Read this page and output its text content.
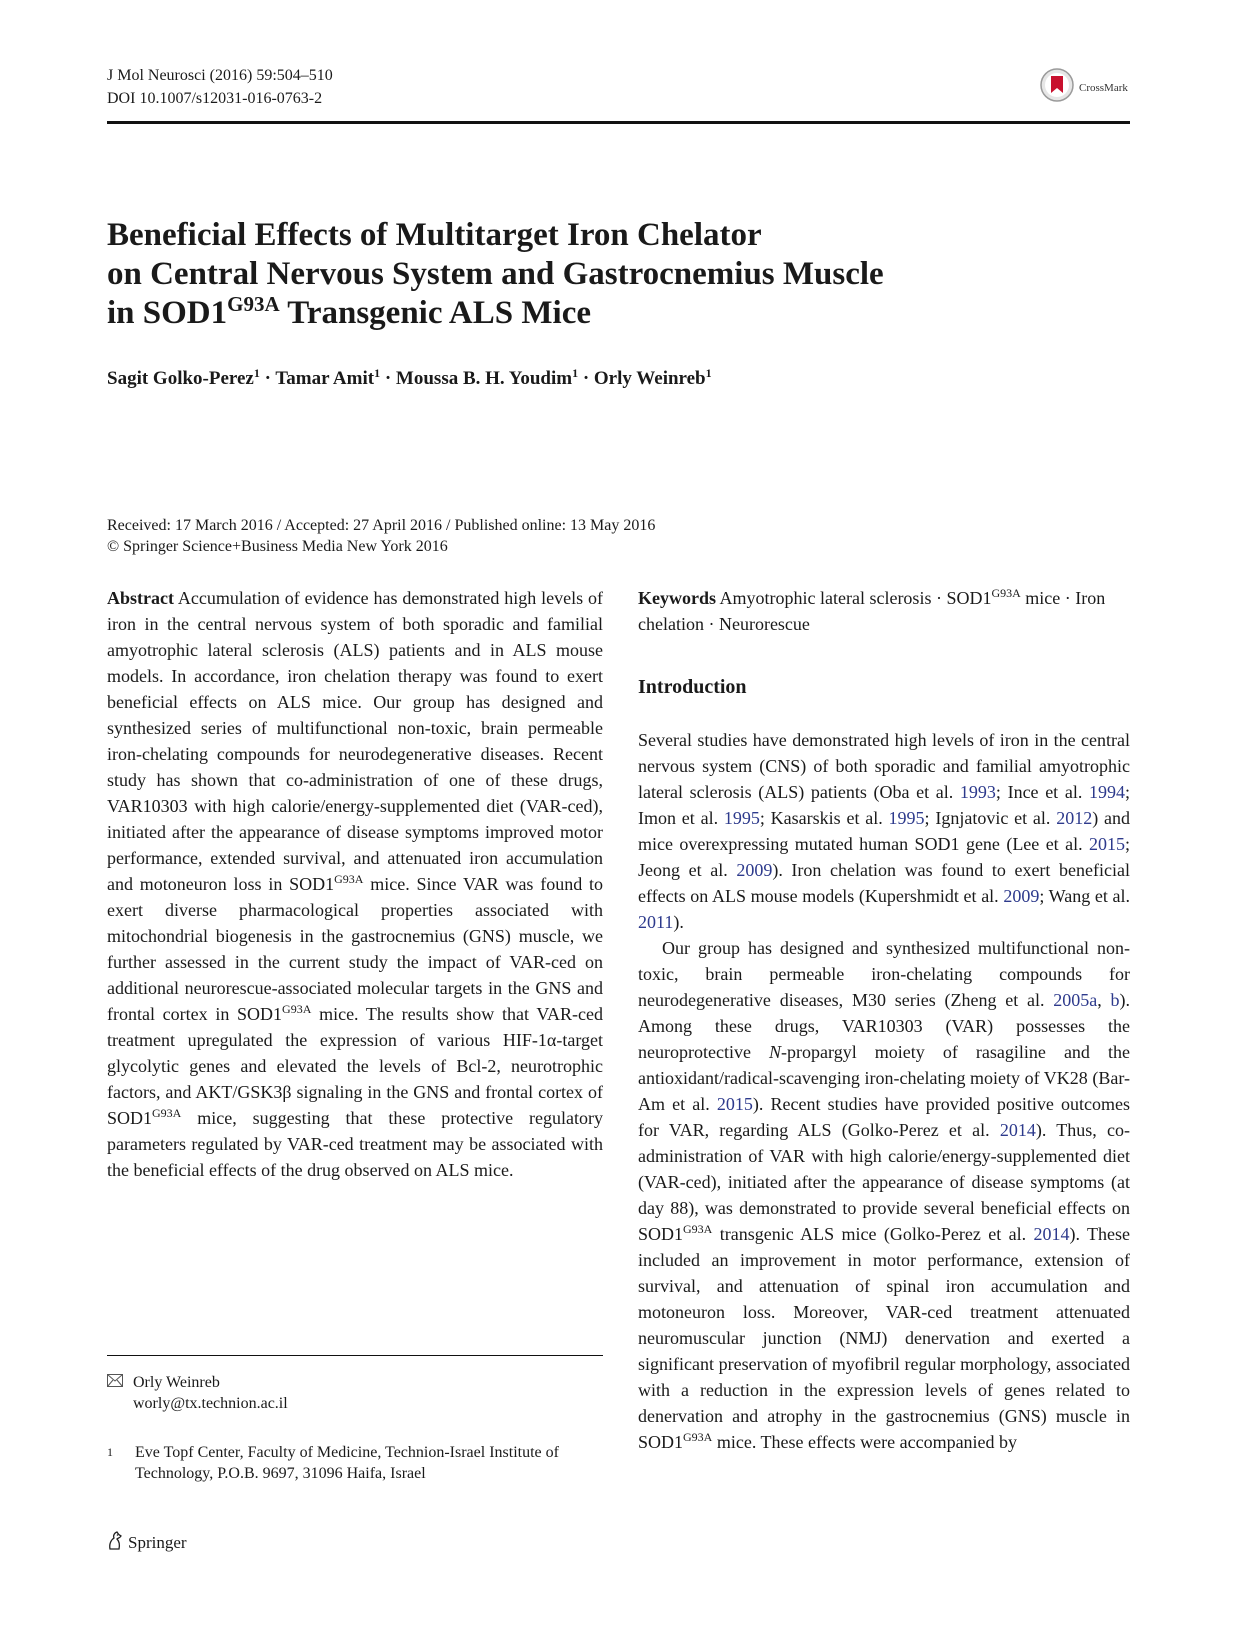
J Mol Neurosci (2016) 59:504–510
DOI 10.1007/s12031-016-0763-2
CrossMark
Beneficial Effects of Multitarget Iron Chelator
on Central Nervous System and Gastrocnemius Muscle
in $SOD1^{G93A}$ Transgenic ALS Mice
Sagit Golko-Perez$^1$ · Tamar Amit$^1$ · Moussa B. H. Youdim$^1$ · Orly Weinreb$^1$
Received: 17 March 2016 / Accepted: 27 April 2016 / Published online: 13 May 2016
© Springer Science+Business Media New York 2016

Abstract Accumulation of evidence has demonstrated high levels of iron in the central nervous system of both sporadic and familial amyotrophic lateral sclerosis (ALS) patients and in ALS mouse models. In accordance, iron chelation therapy was found to exert beneficial effects on ALS mice. Our group has designed and synthesized series of multifunctional non-toxic, brain permeable iron-chelating compounds for neurodegenerative diseases. Recent study has shown that co-administration of one of these drugs, VAR10303 with high calorie/energy-supplemented diet (VAR-ced), initiated after the appearance of disease symptoms improved motor performance, extended survival, and attenuated iron accumulation and motoneuron loss in $SOD1^{G93A}$ mice. Since VAR was found to exert diverse pharmacological properties associated with mitochondrial biogenesis in the gastrocnemius (GNS) muscle, we further assessed in the current study the impact of VAR-ced on additional neurorescue-associated molecular targets in the GNS and frontal cortex in $SOD1^{G93A}$ mice. The results show that VAR-ced treatment upregulated the expression of various HIF-1α-target glycolytic genes and elevated the levels of Bcl-2, neurotrophic factors, and AKT/GSK3β signaling in the GNS and frontal cortex of $SOD1^{G93A}$ mice, suggesting that these protective regulatory parameters regulated by VAR-ced treatment may be associated with the beneficial effects of the drug observed on ALS mice.

Keywords Amyotrophic lateral sclerosis · $SOD1^{G93A}$ mice · Iron chelation · Neurorescue

Introduction

Several studies have demonstrated high levels of iron in the central nervous system (CNS) of both sporadic and familial amyotrophic lateral sclerosis (ALS) patients (Oba et al. 1993; Ince et al. 1994; Imon et al. 1995; Kasarskis et al. 1995; Ignjatovic et al. 2012) and mice overexpressing mutated human SOD1 gene (Lee et al. 2015; Jeong et al. 2009). Iron chelation was found to exert beneficial effects on ALS mouse models (Kupershmidt et al. 2009; Wang et al. 2011).

Our group has designed and synthesized multifunctional non-toxic, brain permeable iron-chelating compounds for neurodegenerative diseases, M30 series (Zheng et al. 2005a, b). Among these drugs, VAR10303 (VAR) possesses the neuroprotective N-propargyl moiety of rasagiline and the antioxidant/radical-scavenging iron-chelating moiety of VK28 (Bar-Am et al. 2015). Recent studies have provided positive outcomes for VAR, regarding ALS (Golko-Perez et al. 2014). Thus, co-administration of VAR with high calorie/energy-supplemented diet (VAR-ced), initiated after the appearance of disease symptoms (at day 88), was demonstrated to provide several beneficial effects on $SOD1^{G93A}$ transgenic ALS mice (Golko-Perez et al. 2014). These included an improvement in motor performance, extension of survival, and attenuation of spinal iron accumulation and motoneuron loss. Moreover, VAR-ced treatment attenuated neuromuscular junction (NMJ) denervation and exerted a significant preservation of myofibril regular morphology, associated with a reduction in the expression levels of genes related to denervation and atrophy in the gastrocnemius (GNS) muscle in $SOD1^{G93A}$ mice. These effects were accompanied by

Orly Weinreb
worly@tx.technion.ac.il
1	Eve Topf Center, Faculty of Medicine, Technion-Israel Institute of Technology, P.O.B. 9697, 31096 Haifa, Israel
Springer
